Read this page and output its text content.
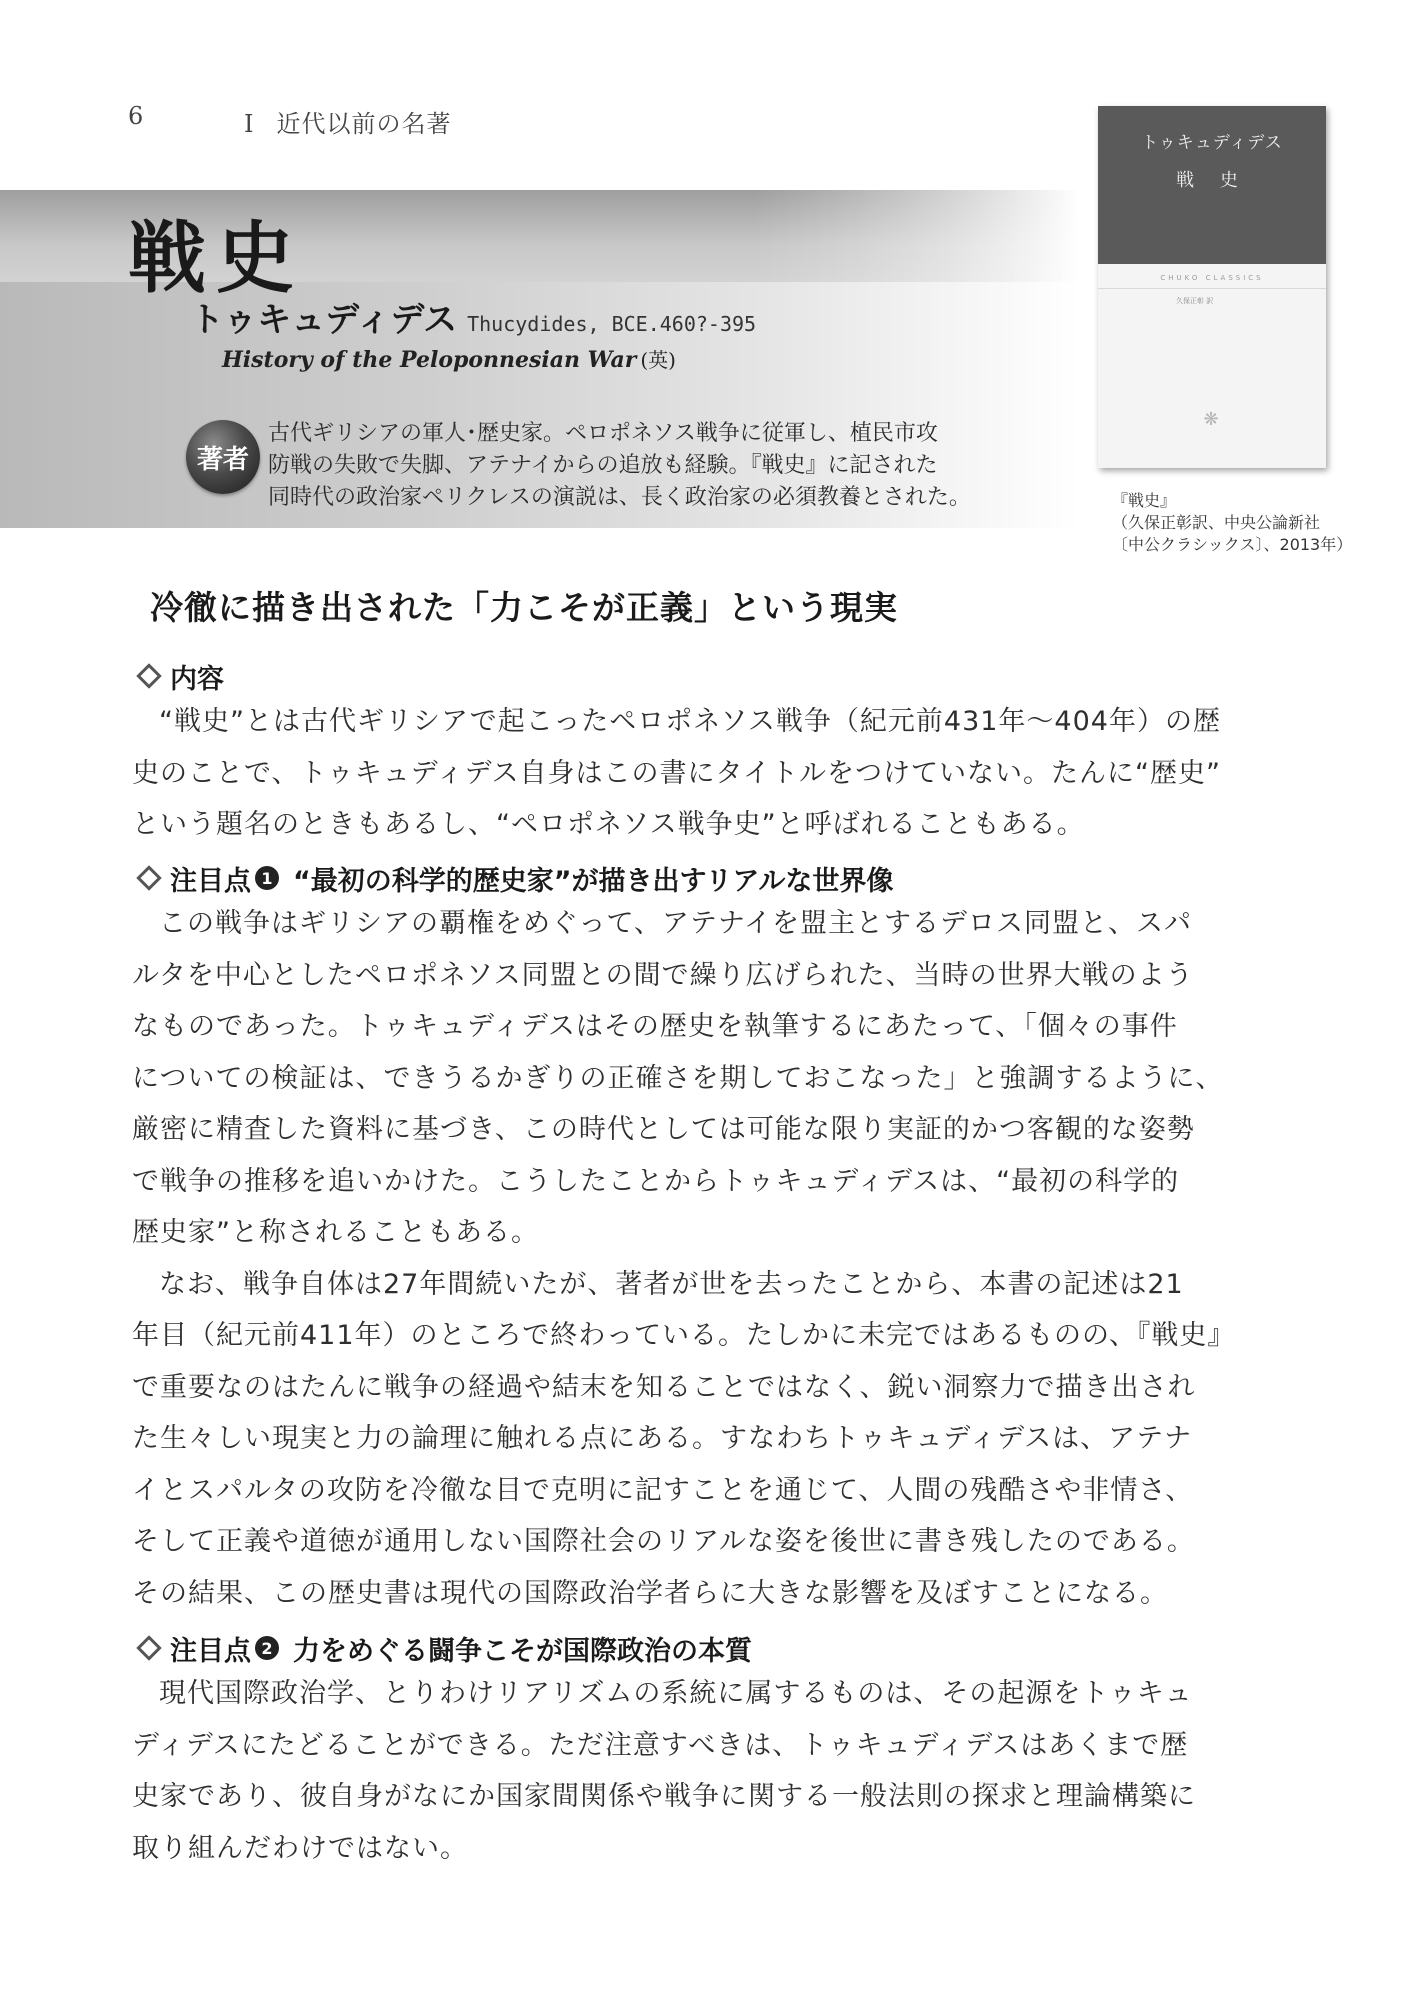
6	Ⅰ 近代以前の名著
戦史
トゥキュディデス Thucydides, BCE.460?-395
History of the Peloponnesian War (英)
著者

古代ギリシアの軍人･歴史家。ペロポネソス戦争に従軍し、植民市攻

防戦の失敗で失脚、アテナイからの追放も経験。『戦史』に記された

同時代の政治家ペリクレスの演説は、長く政治家の必須教養とされた。

トゥキュディデス
戦 史
CHUKO CLASSICS
久保正彰 訳
❋

『戦史』

（久保正彰訳、中央公論新社

〔中公クラシックス〕、2013年）

冷徹に描き出された「力こそが正義」という現実
内容

“戦史”とは古代ギリシアで起こったペロポネソス戦争（紀元前431年～404年）の歴
史のことで、トゥキュディデス自身はこの書にタイトルをつけていない。たんに“歴史”
という題名のときもあるし、“ペロポネソス戦争史”と呼ばれることもある。

注目点 1 “最初の科学的歴史家”が描き出すリアルな世界像

この戦争はギリシアの覇権をめぐって、アテナイを盟主とするデロス同盟と、スパ
ルタを中心としたペロポネソス同盟との間で繰り広げられた、当時の世界大戦のよう
なものであった。トゥキュディデスはその歴史を執筆するにあたって、「個々の事件
についての検証は、できうるかぎりの正確さを期しておこなった」と強調するように、
厳密に精査した資料に基づき、この時代としては可能な限り実証的かつ客観的な姿勢
で戦争の推移を追いかけた。こうしたことからトゥキュディデスは、“最初の科学的
歴史家”と称されることもある。

なお、戦争自体は27年間続いたが、著者が世を去ったことから、本書の記述は21
年目（紀元前411年）のところで終わっている。たしかに未完ではあるものの、『戦史』
で重要なのはたんに戦争の経過や結末を知ることではなく、鋭い洞察力で描き出され
た生々しい現実と力の論理に触れる点にある。すなわちトゥキュディデスは、アテナ
イとスパルタの攻防を冷徹な目で克明に記すことを通じて、人間の残酷さや非情さ、
そして正義や道徳が通用しない国際社会のリアルな姿を後世に書き残したのである。
その結果、この歴史書は現代の国際政治学者らに大きな影響を及ぼすことになる。

注目点 2 力をめぐる闘争こそが国際政治の本質

現代国際政治学、とりわけリアリズムの系統に属するものは、その起源をトゥキュ
ディデスにたどることができる。ただ注意すべきは、トゥキュディデスはあくまで歴
史家であり、彼自身がなにか国家間関係や戦争に関する一般法則の探求と理論構築に
取り組んだわけではない。
